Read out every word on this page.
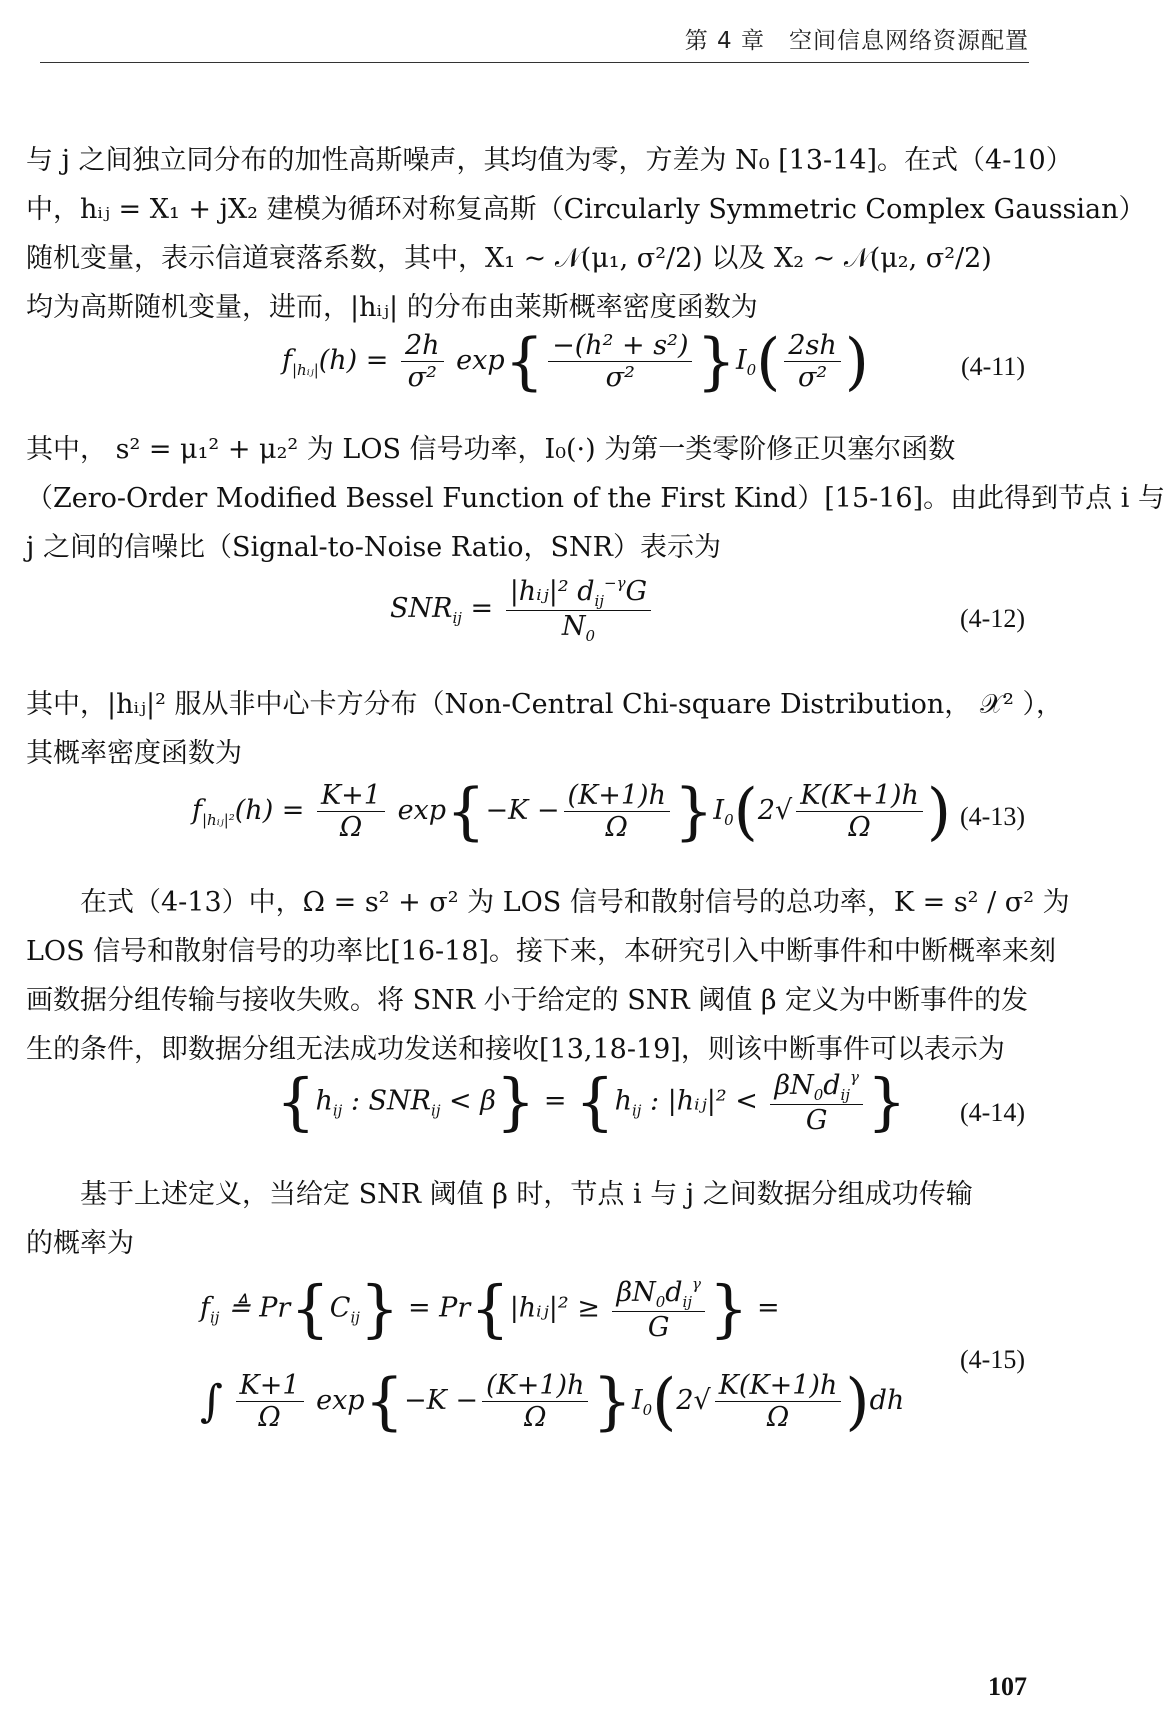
第 4 章　空间信息网络资源配置
与 j 之间独立同分布的加性高斯噪声，其均值为零，方差为 N₀ [13-14]。在式（4-10）
中，hᵢⱼ = X₁ + jX₂ 建模为循环对称复高斯（Circularly Symmetric Complex Gaussian）
随机变量，表示信道衰落系数，其中，X₁ ~ 𝒩(μ₁, σ²/2) 以及 X₂ ~ 𝒩(μ₂, σ²/2)
均为高斯随机变量，进而，|hᵢⱼ| 的分布由莱斯概率密度函数为
$f_{|hᵢⱼ|}(h) = \frac{2h}{\text{σ²}} \exp\{ \frac{\text{−(h² + s²)}}{\text{σ²}} \}I_0( \frac{2sh}{\text{σ²}}$ )	(4-11)
其中， s² = μ₁² + μ₂² 为 LOS 信号功率，I₀(·) 为第一类零阶修正贝塞尔函数
（Zero-Order Modified Bessel Function of the First Kind）[15-16]。由此得到节点 i 与
j 之间的信噪比（Signal-to-Noise Ratio，SNR）表示为
$SNR_{ij} = \frac{|hᵢⱼ|^2 d_{ij}^{-\gamma}G}{N_0}$	(4-12)
其中，|hᵢⱼ|² 服从非中心卡方分布（Non-Central Chi-square Distribution， 𝒳² ），
其概率密度函数为
$f_{|hᵢⱼ|^2}(h) = \frac{K+1}{\Omega} \exp\{-K - \frac{(K+1)h}{\Omega} \}I_0(2√ \frac{K(K+1)h}{\Omega}$ ) (4-13)
　　在式（4-13）中，Ω = s² + σ² 为 LOS 信号和散射信号的总功率，K = s² / σ² 为
LOS 信号和散射信号的功率比[16-18]。接下来，本研究引入中断事件和中断概率来刻
画数据分组传输与接收失败。将 SNR 小于给定的 SNR 阈值 β 定义为中断事件的发
生的条件，即数据分组无法成功发送和接收[13,18-19]，则该中断事件可以表示为
{$h_{ij}$ : $SNR_{ij} < \beta\} = \{h_{ij}$ : |hᵢⱼ|² < $\frac{\beta N_0d_{ij}^\gamma}{G}$ } (4-14)
　　基于上述定义，当给定 SNR 阈值 β 时，节点 i 与 j 之间数据分组成功传输
的概率为
$f_{ij}$ ≜ $Pr\{C_{ij}\}$ = Pr{|hᵢⱼ|² ≥ $\frac{\beta N_0d_{ij}^\gamma}{G}$ } =
∫ $\frac{K+1}{\Omega} \exp\{-K - \frac{(K+1)h}{\Omega} \}I_0(2√ \frac{K(K+1)h}{\Omega} )dh$
(4-15)
107
